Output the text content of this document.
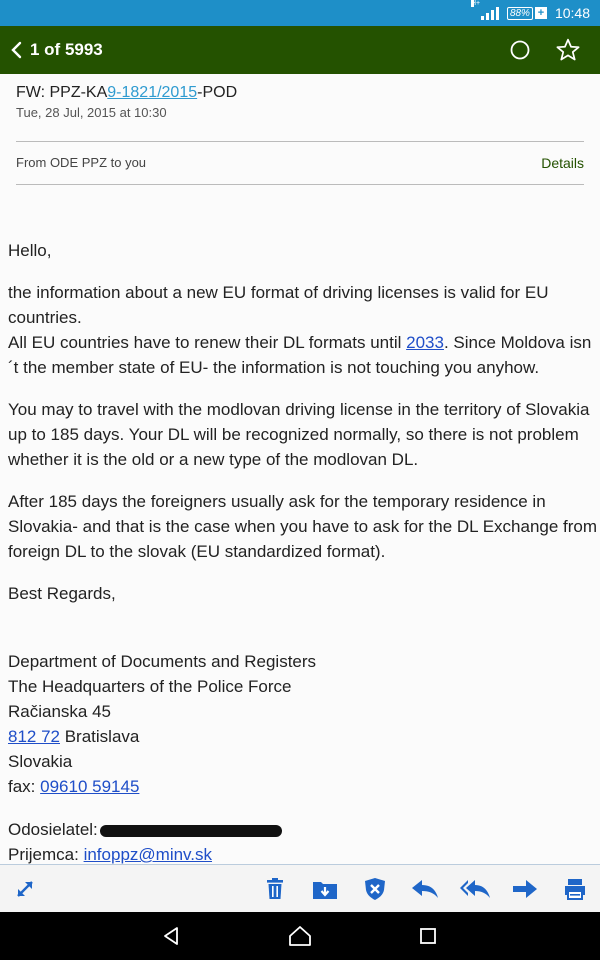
H+
88% + 10:48
1 of 5993
FW: PPZ-KA9-1821/2015-POD
Tue, 28 Jul, 2015 at 10:30
From ODE PPZ to you	Details

Hello,

the information about a new EU format of driving licenses is valid for EU countries.

All EU countries have to renew their DL formats until 2033. Since Moldova isn´t the member state of EU- the information is not touching you anyhow.

You may to travel with the modlovan driving license in the territory of Slovakia up to 185 days. Your DL will be recognized normally, so there is not problem whether it is the old or a new type of the modlovan DL.

After 185 days the foreigners usually ask for the temporary residence in Slovakia- and that is the case when you have to ask for the DL Exchange from foreign DL to the slovak (EU standardized format).

Best Regards,

Department of Documents and Registers
The Headquarters of the Police Force
Račianska 45
812 72 Bratislava
Slovakia
fax: 09610 59145
Odosielatel:
Prijemca: infoppz@minv.sk
